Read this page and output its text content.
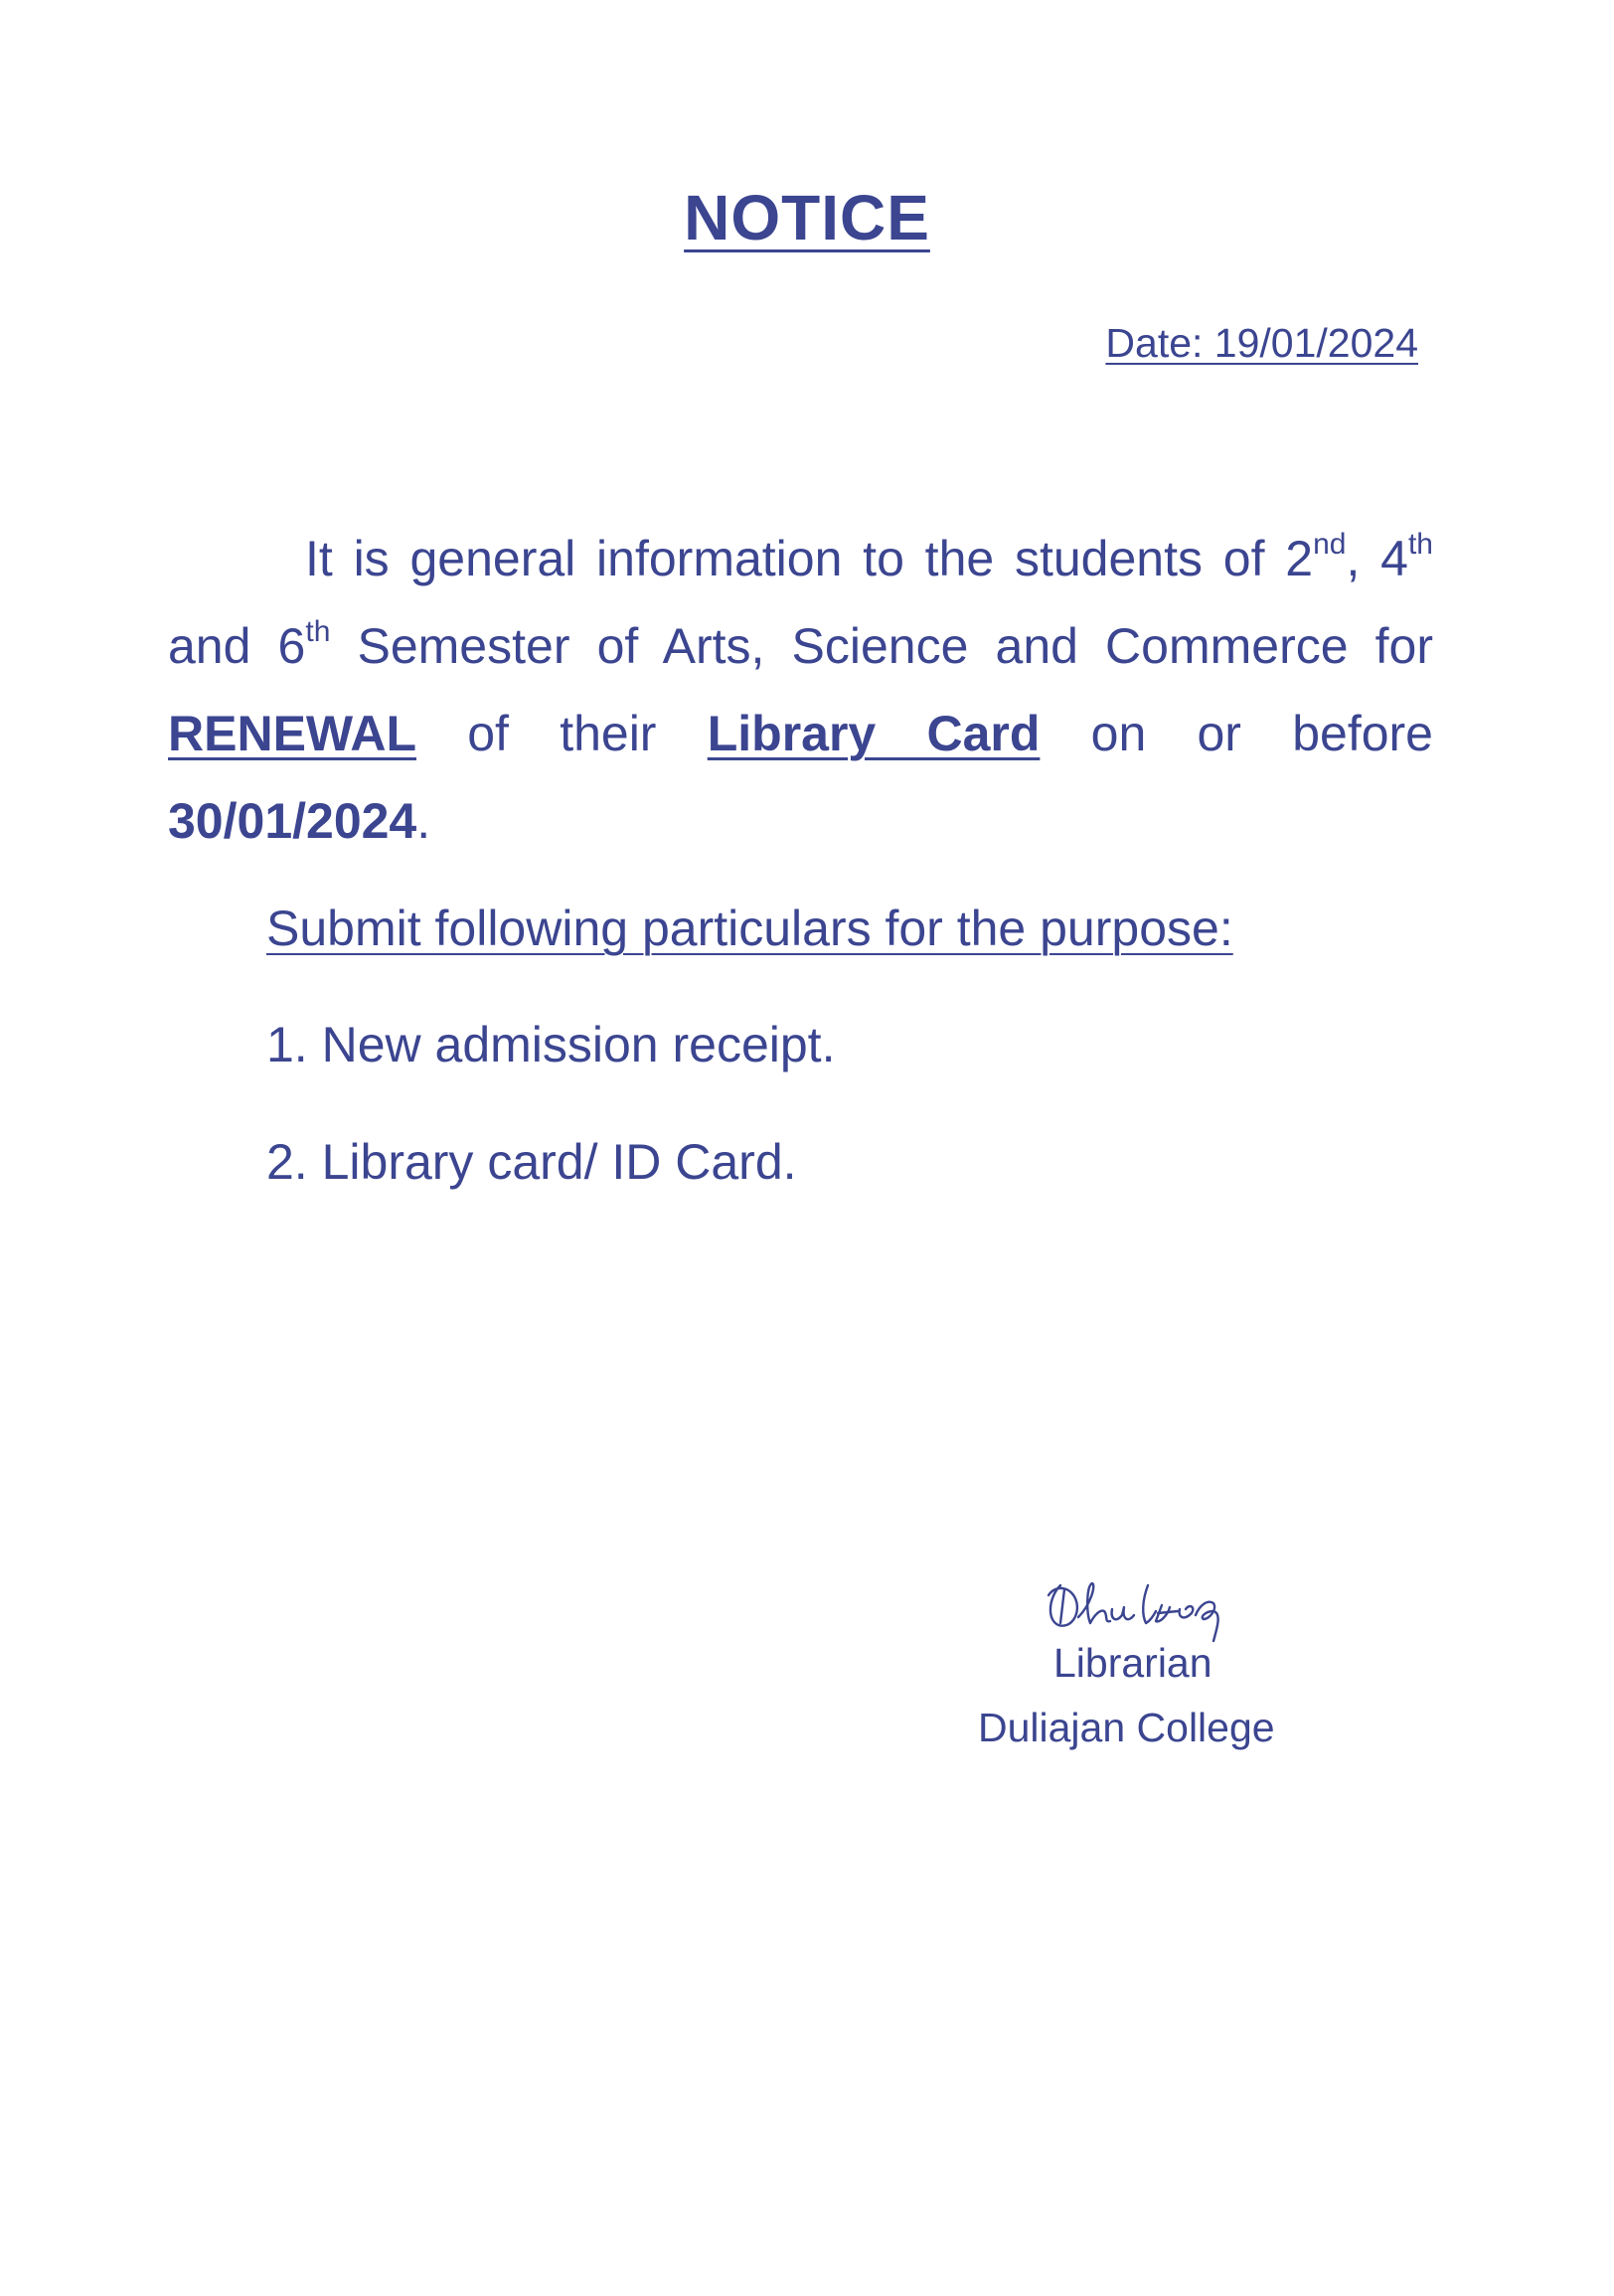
NOTICE
Date: 19/01/2024

It is general information to the students of 2nd, 4th and 6th Semester of Arts, Science and Commerce for RENEWAL of their Library Card on or before 30/01/2024.

Submit following particulars for the purpose:
1. New admission receipt.
2. Library card/ ID Card.
Librarian
Duliajan College
